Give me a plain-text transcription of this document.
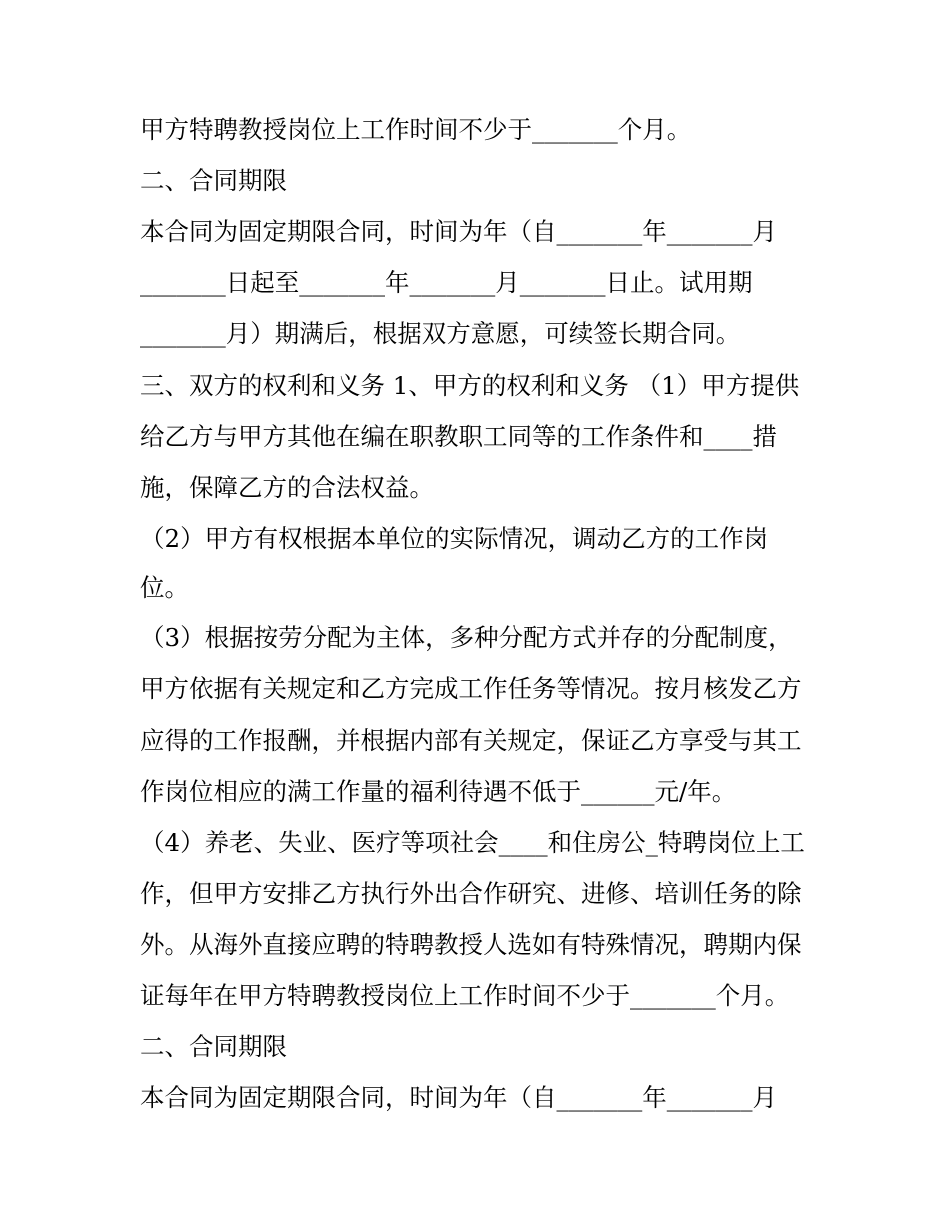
甲方特聘教授岗位上工作时间不少于_______个月。
二、合同期限
本合同为固定期限合同，时间为年（自_______年_______月
_______日起至_______年_______月_______日止。试用期
_______月）期满后，根据双方意愿，可续签长期合同。
三、双方的权利和义务 1、甲方的权利和义务 （1）甲方提供
给乙方与甲方其他在编在职教职工同等的工作条件和____措
施，保障乙方的合法权益。
（2）甲方有权根据本单位的实际情况，调动乙方的工作岗
位。
（3）根据按劳分配为主体，多种分配方式并存的分配制度，
甲方依据有关规定和乙方完成工作任务等情况。按月核发乙方
应得的工作报酬，并根据内部有关规定，保证乙方享受与其工
作岗位相应的满工作量的福利待遇不低于______元/年。
（4）养老、失业、医疗等项社会____和住房公_特聘岗位上工
作，但甲方安排乙方执行外出合作研究、进修、培训任务的除
外。从海外直接应聘的特聘教授人选如有特殊情况，聘期内保
证每年在甲方特聘教授岗位上工作时间不少于_______个月。
二、合同期限
本合同为固定期限合同，时间为年（自_______年_______月
